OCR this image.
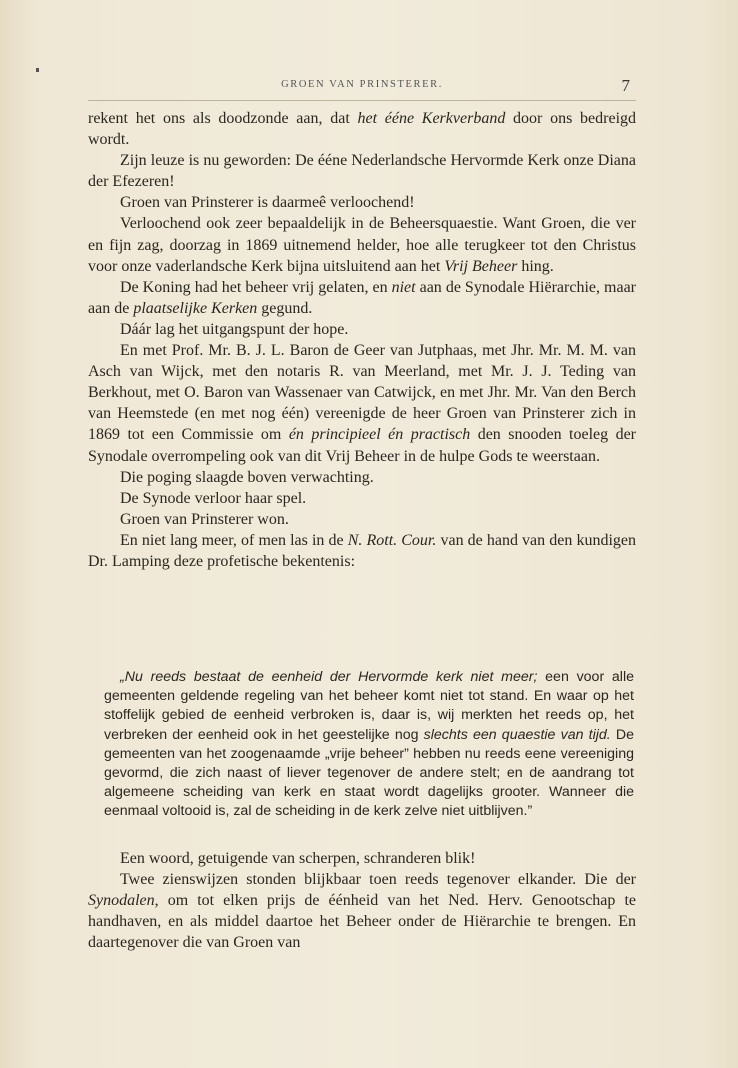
GROEN VAN PRINSTERER.	7

rekent het ons als doodzonde aan, dat het ééne Kerkverband door ons bedreigd wordt.

Zijn leuze is nu geworden: De ééne Nederlandsche Hervormde Kerk onze Diana der Efezeren!

Groen van Prinsterer is daarmeê verloochend!

Verloochend ook zeer bepaaldelijk in de Beheersquaestie. Want Groen, die ver en fijn zag, doorzag in 1869 uitnemend helder, hoe alle terugkeer tot den Christus voor onze vaderlandsche Kerk bijna uitsluitend aan het Vrij Beheer hing.

De Koning had het beheer vrij gelaten, en niet aan de Synodale Hiërarchie, maar aan de plaatselijke Kerken gegund.

Dáár lag het uitgangspunt der hope.

En met Prof. Mr. B. J. L. Baron de Geer van Jutphaas, met Jhr. Mr. M. M. van Asch van Wijck, met den notaris R. van Meerland, met Mr. J. J. Teding van Berkhout, met O. Baron van Wassenaer van Catwijck, en met Jhr. Mr. Van den Berch van Heemstede (en met nog één) vereenigde de heer Groen van Prinsterer zich in 1869 tot een Commissie om én principieel én practisch den snooden toeleg der Synodale overrompeling ook van dit Vrij Beheer in de hulpe Gods te weerstaan.

Die poging slaagde boven verwachting.

De Synode verloor haar spel.

Groen van Prinsterer won.

En niet lang meer, of men las in de N. Rott. Cour. van de hand van den kundigen Dr. Lamping deze profetische bekentenis:

„Nu reeds bestaat de eenheid der Hervormde kerk niet meer; een voor alle gemeenten geldende regeling van het beheer komt niet tot stand. En waar op het stoffelijk gebied de eenheid verbroken is, daar is, wij merkten het reeds op, het verbreken der eenheid ook in het geestelijke nog slechts een quaestie van tijd. De gemeenten van het zoogenaamde „vrije beheer” hebben nu reeds eene vereeniging gevormd, die zich naast of liever tegenover de andere stelt; en de aandrang tot algemeene scheiding van kerk en staat wordt dagelijks grooter. Wanneer die eenmaal voltooid is, zal de scheiding in de kerk zelve niet uitblijven.”

Een woord, getuigende van scherpen, schranderen blik!

Twee zienswijzen stonden blijkbaar toen reeds tegenover elkander. Die der Synodalen, om tot elken prijs de éénheid van het Ned. Herv. Genootschap te handhaven, en als middel daartoe het Beheer onder de Hiërarchie te brengen. En daartegenover die van Groen van
